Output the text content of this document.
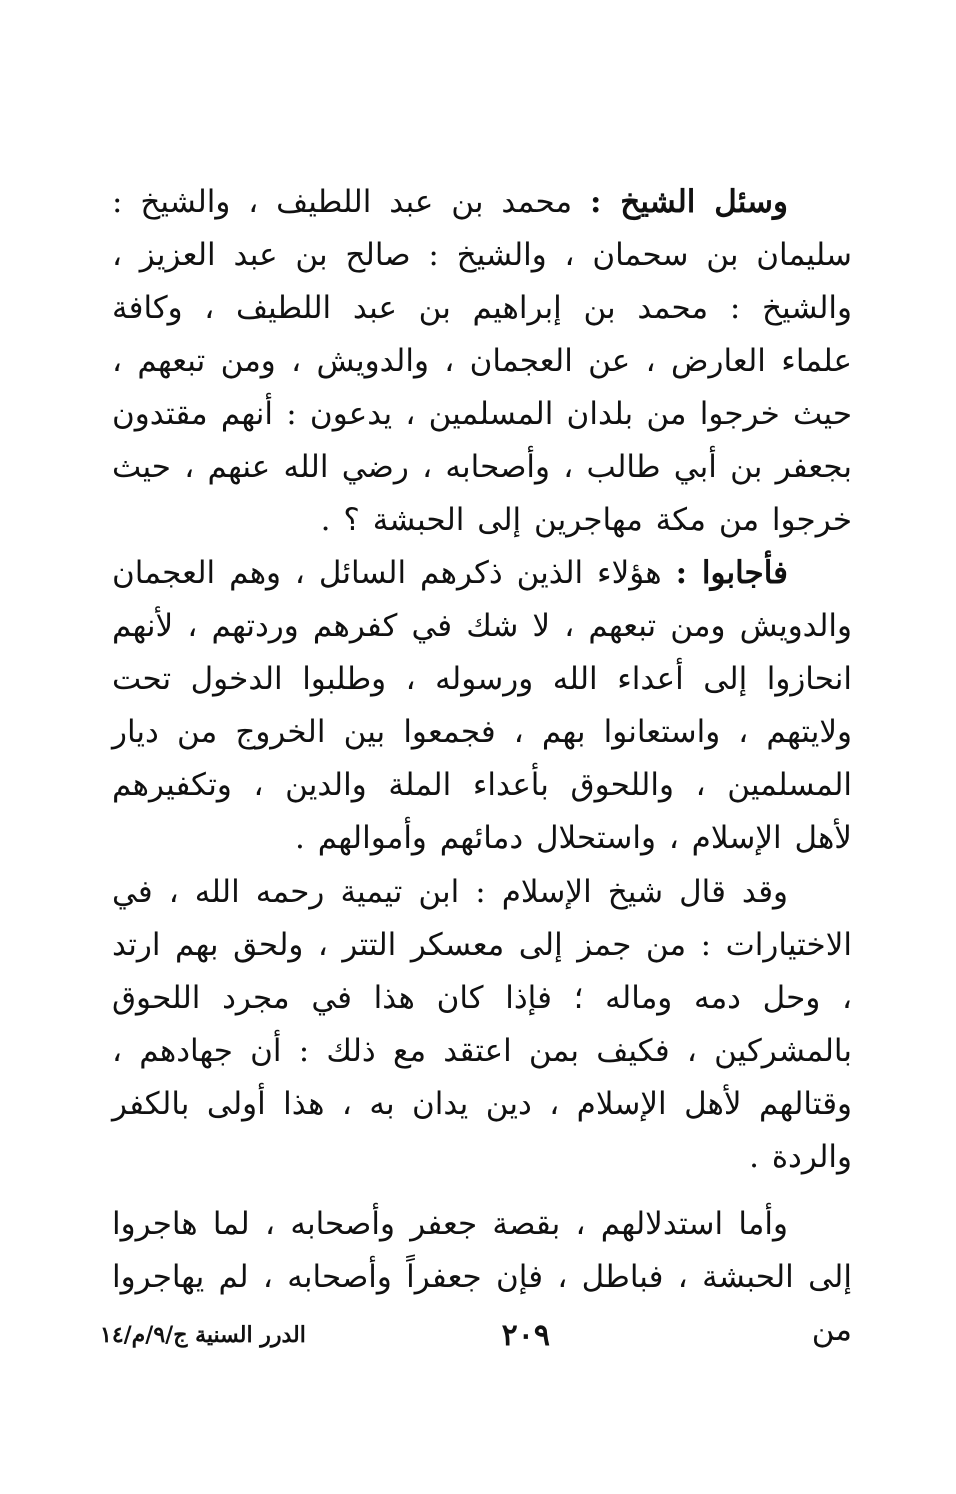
وسئل الشيخ : محمد بن عبد اللطيف ، والشيخ : سليمان بن سحمان ، والشيخ : صالح بن عبد العزيز ، والشيخ : محمد بن إبراهيم بن عبد اللطيف ، وكافة علماء العارض ، عن العجمان ، والدويش ، ومن تبعهم ، حيث خرجوا من بلدان المسلمين ، يدعون : أنهم مقتدون بجعفر بن أبي طالب ، وأصحابه ، رضي الله عنهم ، حيث خرجوا من مكة مهاجرين إلى الحبشة ؟ .

فأجابوا : هؤلاء الذين ذكرهم السائل ، وهم العجمان والدويش ومن تبعهم ، لا شك في كفرهم وردتهم ، لأنهم انحازوا إلى أعداء الله ورسوله ، وطلبوا الدخول تحت ولايتهم ، واستعانوا بهم ، فجمعوا بين الخروج من ديار المسلمين ، واللحوق بأعداء الملة والدين ، وتكفيرهم لأهل الإسلام ، واستحلال دمائهم وأموالهم .

وقد قال شيخ الإسلام : ابن تيمية رحمه الله ، في الاختيارات : من جمز إلى معسكر التتر ، ولحق بهم ارتد ، وحل دمه وماله ؛ فإذا كان هذا في مجرد اللحوق بالمشركين ، فكيف بمن اعتقد مع ذلك : أن جهادهم ، وقتالهم لأهل الإسلام ، دين يدان به ، هذا أولى بالكفر والردة .

وأما استدلالهم ، بقصة جعفر وأصحابه ، لما هاجروا إلى الحبشة ، فباطل ، فإن جعفراً وأصحابه ، لم يهاجروا من

٢٠٩
الدرر السنية ج/٩/م/١٤
